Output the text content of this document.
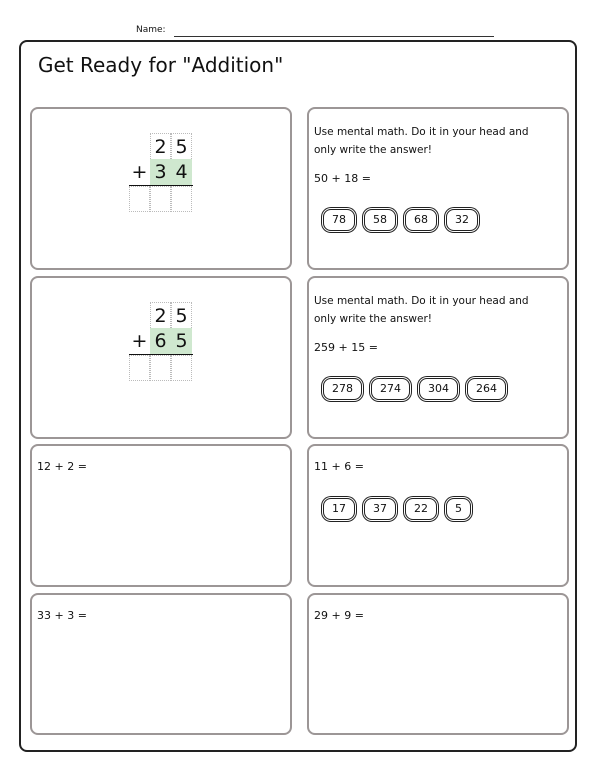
Name:
Get Ready for "Addition"
2 5
+ 3 4
Use mental math. Do it in your head and only write the answer!
50 + 18 =
78	58	68	32
2 5
+ 6 5
Use mental math. Do it in your head and only write the answer!
259 + 15 =
278	274	304	264
12 + 2 =	11 + 6 =
17	37	22	5
33 + 3 =	29 + 9 =
